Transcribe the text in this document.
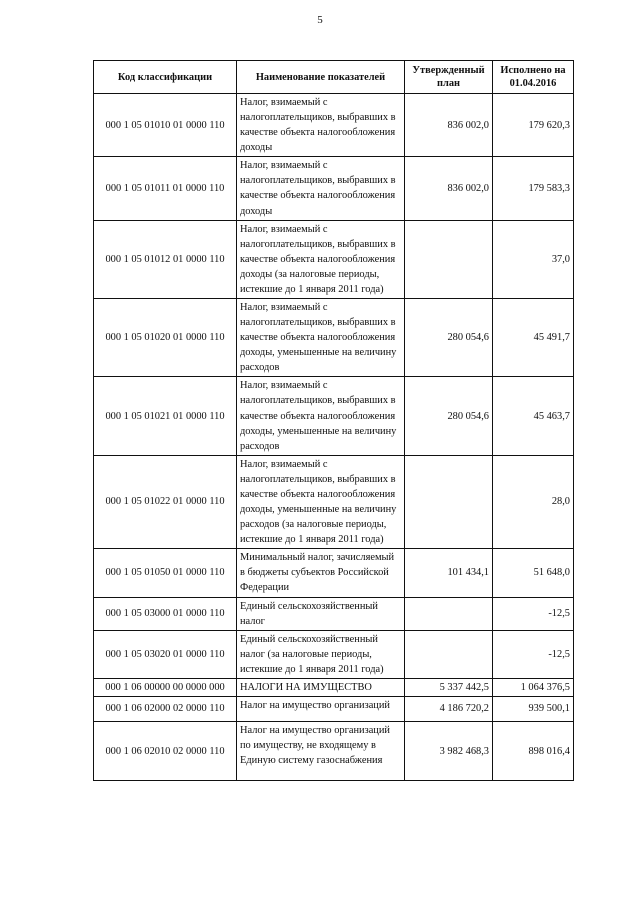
5
Код классификации	Наименование показателей	Утвержденный план	Исполнено на 01.04.2016
000 1 05 01010 01 0000 110	Налог, взимаемый с налогоплательщиков, выбравших в качестве объекта налогообложения доходы	836 002,0	179 620,3
000 1 05 01011 01 0000 110	Налог, взимаемый с налогоплательщиков, выбравших в качестве объекта налогообложения доходы	836 002,0	179 583,3
000 1 05 01012 01 0000 110	Налог, взимаемый с налогоплательщиков, выбравших в качестве объекта налогообложения доходы (за налоговые периоды, истекшие до 1 января 2011 года)		37,0
000 1 05 01020 01 0000 110	Налог, взимаемый с налогоплательщиков, выбравших в качестве объекта налогообложения доходы, уменьшенные на величину расходов	280 054,6	45 491,7
000 1 05 01021 01 0000 110	Налог, взимаемый с налогоплательщиков, выбравших в качестве объекта налогообложения доходы, уменьшенные на величину расходов	280 054,6	45 463,7
000 1 05 01022 01 0000 110	Налог, взимаемый с налогоплательщиков, выбравших в качестве объекта налогообложения доходы, уменьшенные на величину расходов (за налоговые периоды, истекшие до 1 января 2011 года)		28,0
000 1 05 01050 01 0000 110	Минимальный налог, зачисляемый в бюджеты субъектов Российской Федерации	101 434,1	51 648,0
000 1 05 03000 01 0000 110	Единый сельскохозяйственный налог		-12,5
000 1 05 03020 01 0000 110	Единый сельскохозяйственный налог (за налоговые периоды, истекшие до 1 января 2011 года)		-12,5
000 1 06 00000 00 0000 000	НАЛОГИ НА ИМУЩЕСТВО	5 337 442,5	1 064 376,5
000 1 06 02000 02 0000 110	Налог на имущество организаций	4 186 720,2	939 500,1
000 1 06 02010 02 0000 110	Налог на имущество организаций по имуществу, не входящему в Единую систему газоснабжения	3 982 468,3	898 016,4
